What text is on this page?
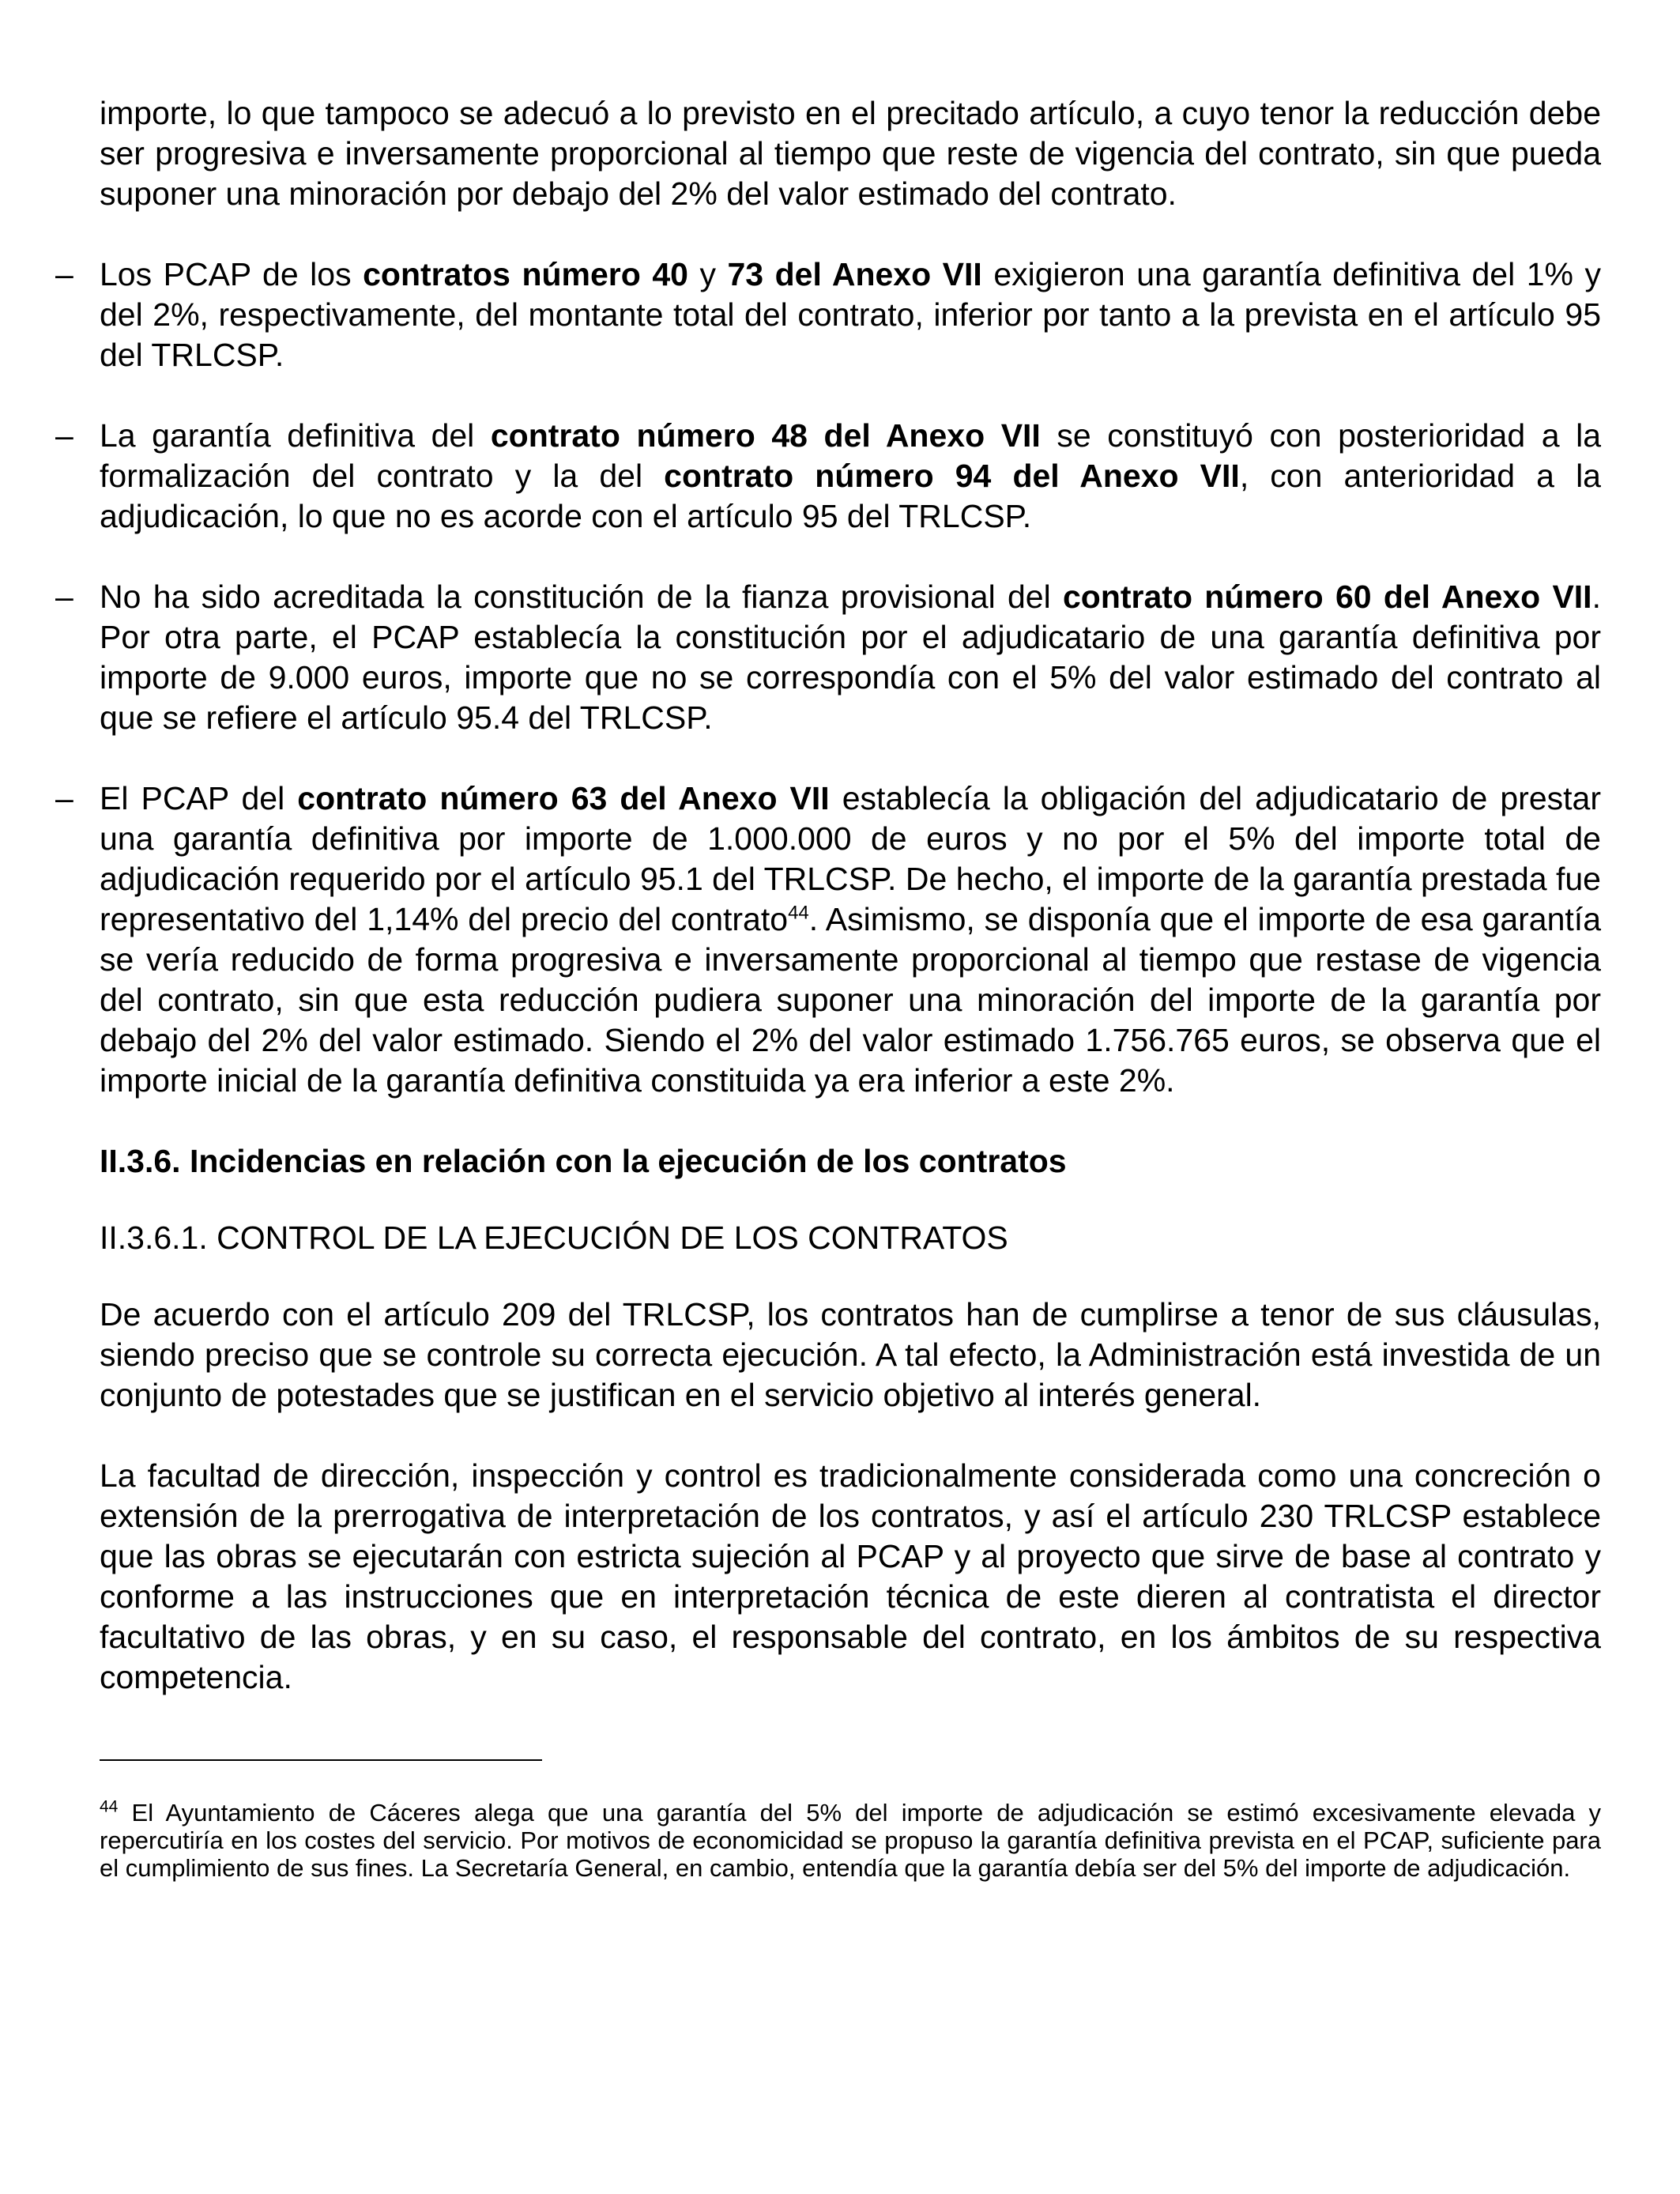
importe, lo que tampoco se adecuó a lo previsto en el precitado artículo, a cuyo tenor la reducción debe ser progresiva e inversamente proporcional al tiempo que reste de vigencia del contrato, sin que pueda suponer una minoración por debajo del 2% del valor estimado del contrato.

– Los PCAP de los contratos número 40 y 73 del Anexo VII exigieron una garantía definitiva del 1% y del 2%, respectivamente, del montante total del contrato, inferior por tanto a la prevista en el artículo 95 del TRLCSP.

– La garantía definitiva del contrato número 48 del Anexo VII se constituyó con posterioridad a la formalización del contrato y la del contrato número 94 del Anexo VII, con anterioridad a la adjudicación, lo que no es acorde con el artículo 95 del TRLCSP.

– No ha sido acreditada la constitución de la fianza provisional del contrato número 60 del Anexo VII. Por otra parte, el PCAP establecía la constitución por el adjudicatario de una garantía definitiva por importe de 9.000 euros, importe que no se correspondía con el 5% del valor estimado del contrato al que se refiere el artículo 95.4 del TRLCSP.

– El PCAP del contrato número 63 del Anexo VII establecía la obligación del adjudicatario de prestar una garantía definitiva por importe de 1.000.000 de euros y no por el 5% del importe total de adjudicación requerido por el artículo 95.1 del TRLCSP. De hecho, el importe de la garantía prestada fue representativo del 1,14% del precio del contrato$^{44}$. Asimismo, se disponía que el importe de esa garantía se vería reducido de forma progresiva e inversamente proporcional al tiempo que restase de vigencia del contrato, sin que esta reducción pudiera suponer una minoración del importe de la garantía por debajo del 2% del valor estimado. Siendo el 2% del valor estimado 1.756.765 euros, se observa que el importe inicial de la garantía definitiva constituida ya era inferior a este 2%.

II.3.6. Incidencias en relación con la ejecución de los contratos

II.3.6.1. CONTROL DE LA EJECUCIÓN DE LOS CONTRATOS

De acuerdo con el artículo 209 del TRLCSP, los contratos han de cumplirse a tenor de sus cláusulas, siendo preciso que se controle su correcta ejecución. A tal efecto, la Administración está investida de un conjunto de potestades que se justifican en el servicio objetivo al interés general.

La facultad de dirección, inspección y control es tradicionalmente considerada como una concreción o extensión de la prerrogativa de interpretación de los contratos, y así el artículo 230 TRLCSP establece que las obras se ejecutarán con estricta sujeción al PCAP y al proyecto que sirve de base al contrato y conforme a las instrucciones que en interpretación técnica de este dieren al contratista el director facultativo de las obras, y en su caso, el responsable del contrato, en los ámbitos de su respectiva competencia.

$^{44}$ El Ayuntamiento de Cáceres alega que una garantía del 5% del importe de adjudicación se estimó excesivamente elevada y repercutiría en los costes del servicio. Por motivos de economicidad se propuso la garantía definitiva prevista en el PCAP, suficiente para el cumplimiento de sus fines. La Secretaría General, en cambio, entendía que la garantía debía ser del 5% del importe de adjudicación.
